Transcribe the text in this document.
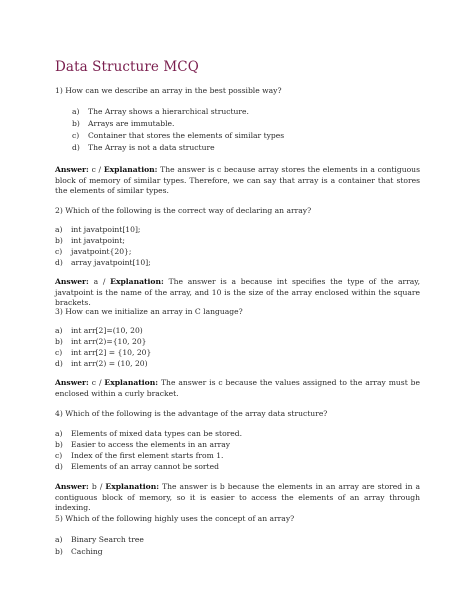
Data Structure MCQ
1) How can we describe an array in the best possible way?
a) The Array shows a hierarchical structure.
b) Arrays are immutable.
c) Container that stores the elements of similar types
d) The Array is not a data structure
Answer: c / Explanation: The answer is c because array stores the elements in a contiguous block of memory of similar types. Therefore, we can say that array is a container that stores the elements of similar types.
2) Which of the following is the correct way of declaring an array?
a) int javatpoint[10];
b) int javatpoint;
c) javatpoint{20};
d) array javatpoint[10];
Answer: a / Explanation: The answer is a because int specifies the type of the array, javatpoint is the name of the array, and 10 is the size of the array enclosed within the square brackets.
3) How can we initialize an array in C language?
a) int arr[2]=(10, 20)
b) int arr(2)={10, 20}
c) int arr[2] = {10, 20}
d) int arr(2) = (10, 20)
Answer: c / Explanation: The answer is c because the values assigned to the array must be enclosed within a curly bracket.
4) Which of the following is the advantage of the array data structure?
a) Elements of mixed data types can be stored.
b) Easier to access the elements in an array
c) Index of the first element starts from 1.
d) Elements of an array cannot be sorted
Answer: b / Explanation: The answer is b because the elements in an array are stored in a contiguous block of memory, so it is easier to access the elements of an array through indexing.
5) Which of the following highly uses the concept of an array?
a) Binary Search tree
b) Caching
